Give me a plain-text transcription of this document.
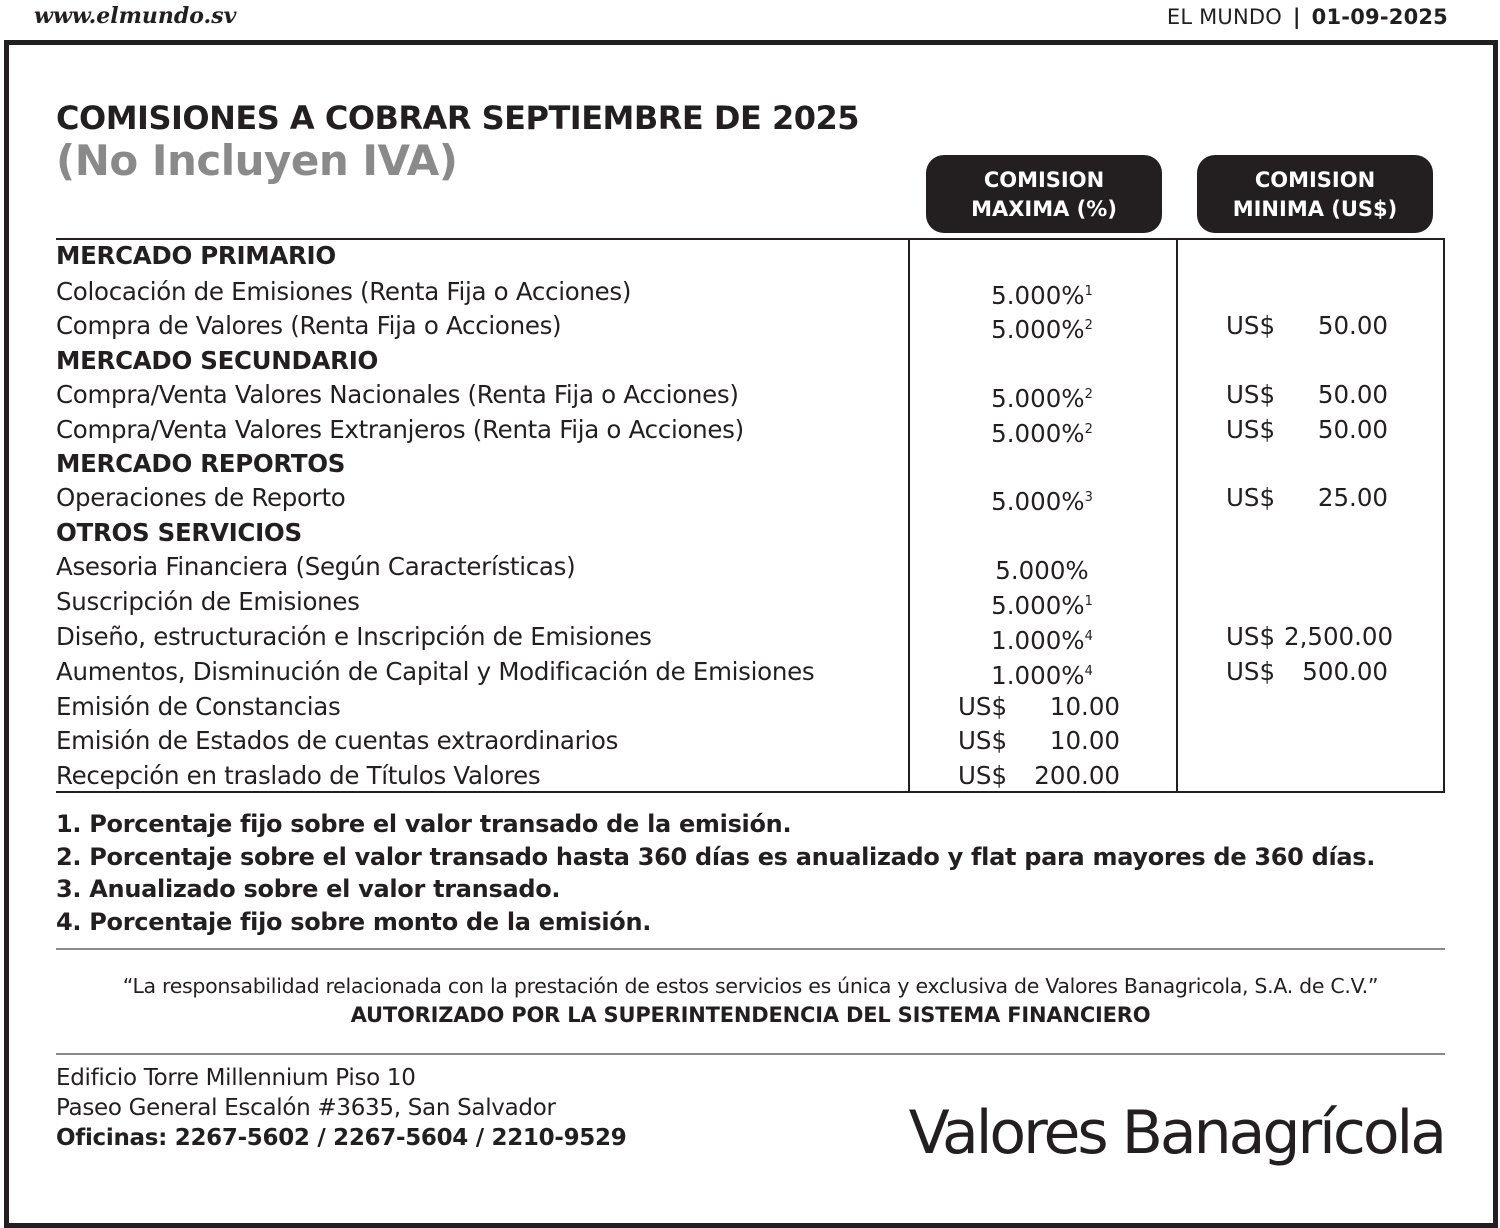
www.elmundo.sv	EL MUNDO | 01-09-2025
COMISIONES A COBRAR SEPTIEMBRE DE 2025
(No Incluyen IVA)	COMISION
MAXIMA (%)
COMISION
MINIMA (US$)
MERCADO PRIMARIO
Colocación de Emisiones (Renta Fija o Acciones)	5.000%$^1$
Compra de Valores (Renta Fija o Acciones)	5.000%$^2$	US$	50.00
MERCADO SECUNDARIO
Compra/Venta Valores Nacionales (Renta Fija o Acciones)	5.000%$^2$	US$	50.00
Compra/Venta Valores Extranjeros (Renta Fija o Acciones)	5.000%$^2$	US$	50.00
MERCADO REPORTOS
Operaciones de Reporto	5.000%$^3$	US$	25.00
OTROS SERVICIOS
Asesoria Financiera (Según Características)	5.000%
Suscripción de Emisiones	5.000%$^1$
Diseño, estructuración e Inscripción de Emisiones	1.000%$^4$	US$ 2,500.00
Aumentos, Disminución de Capital y Modificación de Emisiones	1.000%$^4$	US$	500.00
Emisión de Constancias	US$	10.00
Emisión de Estados de cuentas extraordinarios	US$	10.00
Recepción en traslado de Títulos Valores	US$	200.00
1. Porcentaje fijo sobre el valor transado de la emisión.
2. Porcentaje sobre el valor transado hasta 360 días es anualizado y flat para mayores de 360 días.
3. Anualizado sobre el valor transado.
4. Porcentaje fijo sobre monto de la emisión.
“La responsabilidad relacionada con la prestación de estos servicios es única y exclusiva de Valores Banagricola, S.A. de C.V.”
AUTORIZADO POR LA SUPERINTENDENCIA DEL SISTEMA FINANCIERO
Edificio Torre Millennium Piso 10
Paseo General Escalón #3635, San Salvador
Oficinas: 2267-5602 / 2267-5604 / 2210-9529	Valores Banagrícola
